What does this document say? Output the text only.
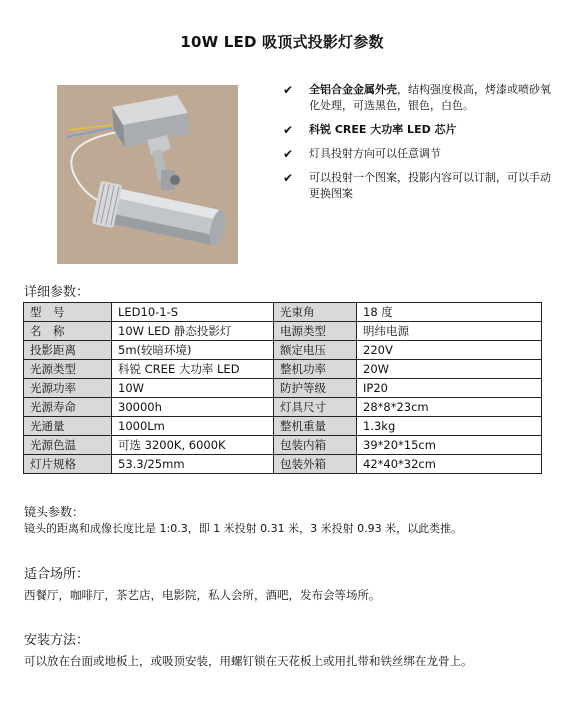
10W LED 吸顶式投影灯参数
✔ 全铝合金金属外壳，结构强度极高，烤漆或喷砂氧化处理，可选黑色，银色，白色。
✔ 科锐 CREE 大功率 LED 芯片
✔ 灯具投射方向可以任意调节
✔ 可以投射一个图案，投影内容可以订制，可以手动更换图案
详细参数：
型　号	LED10-1-S	光束角	18 度
名　称	10W LED 静态投影灯	电源类型	明纬电源
投影距离	5m(较暗环境)	额定电压	220V
光源类型	科锐 CREE 大功率 LED	整机功率	20W
光源功率	10W	防护等级	IP20
光源寿命	30000h	灯具尺寸	28*8*23cm
光通量	1000Lm	整机重量	1.3kg
光源色温	可选 3200K, 6000K	包装内箱	39*20*15cm
灯片规格	53.3/25mm	包装外箱	42*40*32cm
镜头参数：
镜头的距离和成像长度比是 1:0.3，即 1 米投射 0.31 米，3 米投射 0.93 米，以此类推。
适合场所：
西餐厅，咖啡厅，茶艺店，电影院，私人会所，酒吧，发布会等场所。
安装方法：
可以放在台面或地板上，或吸顶安装，用螺钉锁在天花板上或用扎带和铁丝绑在龙骨上。
